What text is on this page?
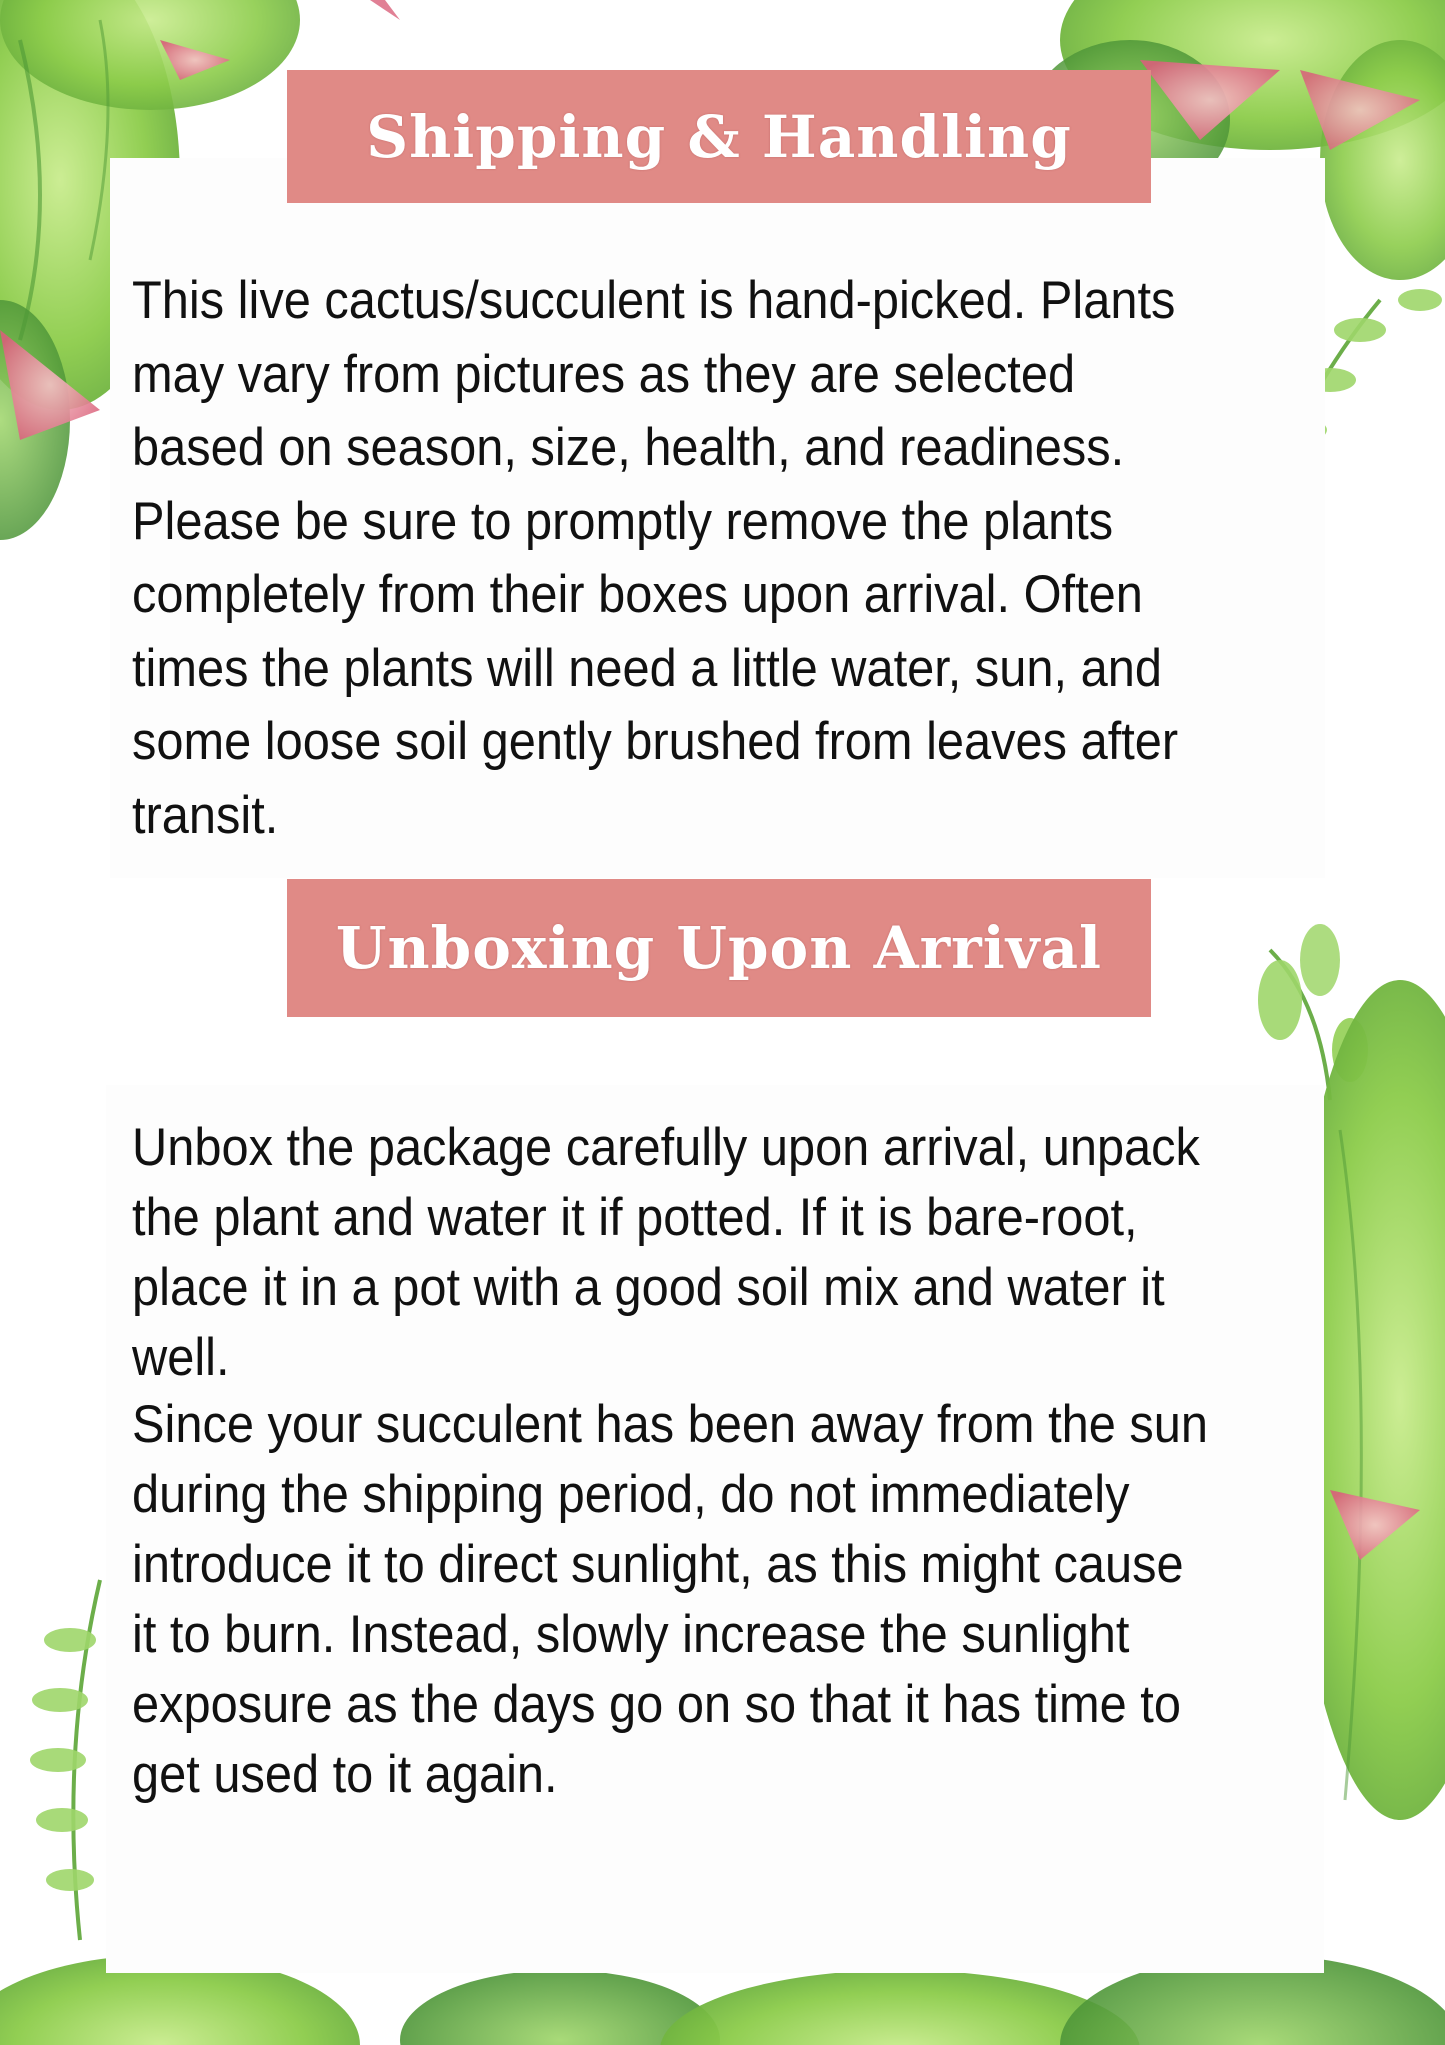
Shipping & Handling

This live cactus/succulent is hand-picked. Plants may vary from pictures as they are selected based on season, size, health, and readiness. Please be sure to promptly remove the plants completely from their boxes upon arrival. Often times the plants will need a little water, sun, and some loose soil gently brushed from leaves after transit.

Unboxing Upon Arrival

Unbox the package carefully upon arrival, unpack the plant and water it if potted. If it is bare-root, place it in a pot with a good soil mix and water it well.

Since your succulent has been away from the sun during the shipping period, do not immediately introduce it to direct sunlight, as this might cause it to burn. Instead, slowly increase the sunlight exposure as the days go on so that it has time to get used to it again.
